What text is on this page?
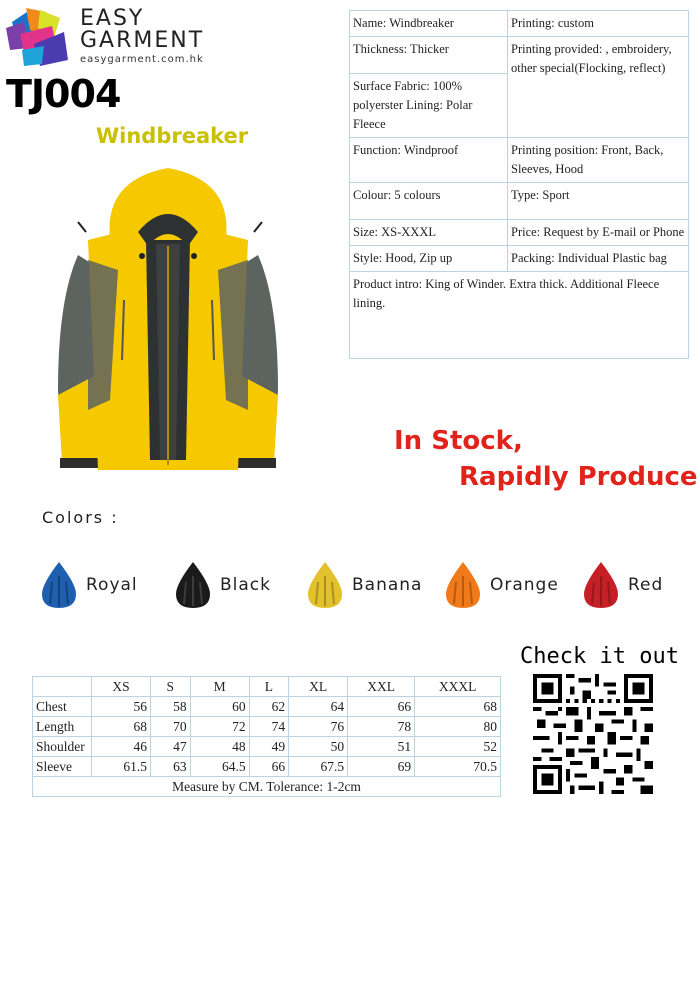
EASY
GARMENT
easygarment.com.hk
TJ004
Windbreaker
Name: Windbreaker	Printing: custom
Thickness: Thicker	Printing provided: , embroidery, other special(Flocking, reflect)
Surface Fabric: 100% polyerster Lining: Polar Fleece	
Function: Windproof	Printing position: Front, Back, Sleeves, Hood
Colour: 5 colours	Type: Sport
Size: XS-XXXL	Price: Request by E-mail or Phone
Style: Hood, Zip up	Packing: Individual Plastic bag
Product intro: King of Winder. Extra thick. Additional Fleece lining.	
In Stock,
Rapidly Produce
Colors :
Royal	Black	Banana	Orange	Red
	XS	S	M	L	XL	XXL	XXXL
Chest	56	58	60	62	64	66	68
Length	68	70	72	74	76	78	80
Shoulder	46	47	48	49	50	51	52
Sleeve	61.5	63	64.5	66	67.5	69	70.5
Measure by CM. Tolerance: 1-2cm							
Check it out
